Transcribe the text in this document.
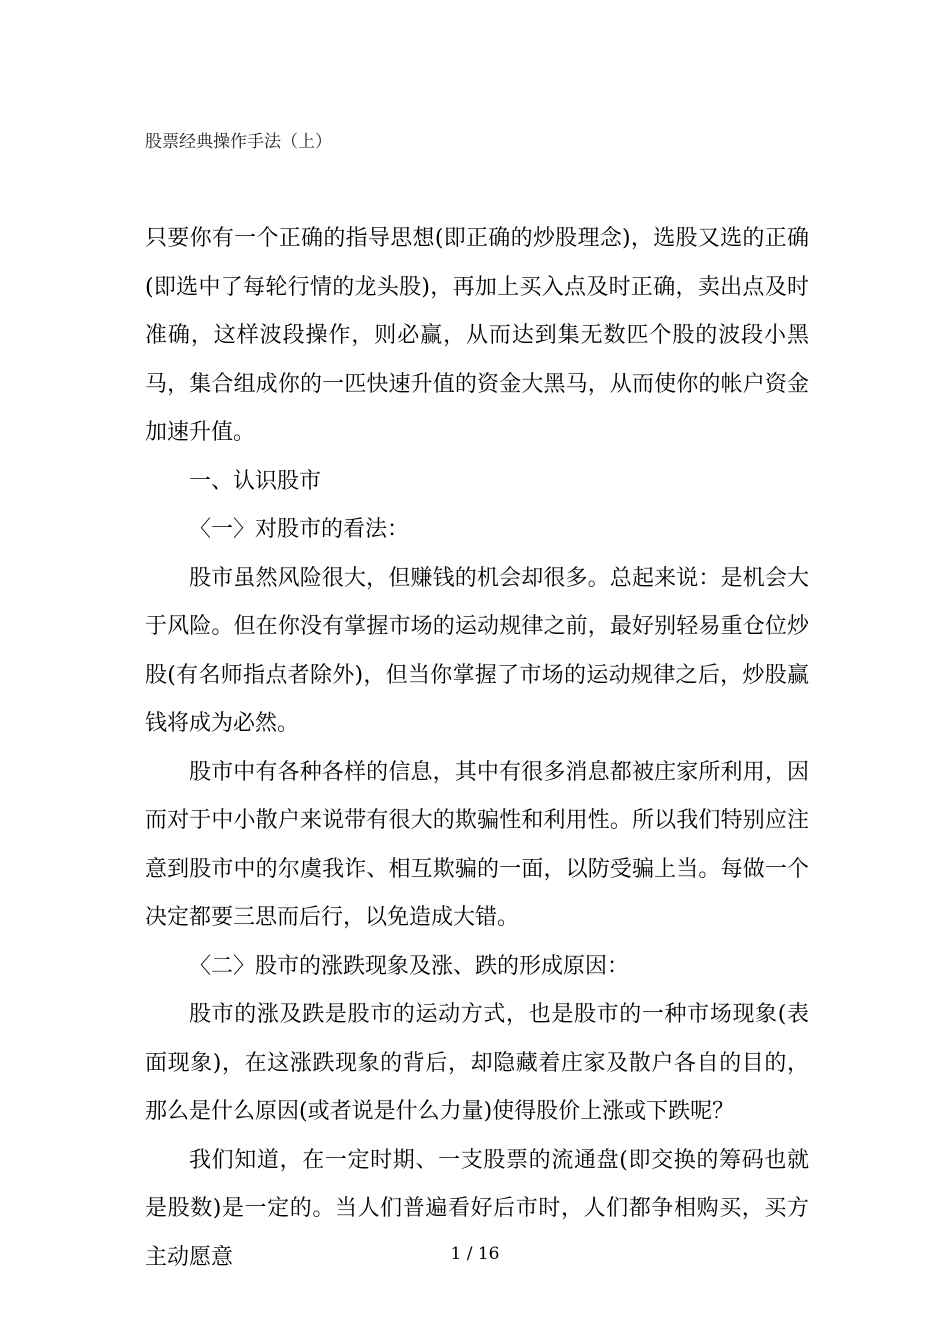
股票经典操作手法（上）

只要你有一个正确的指导思想(即正确的炒股理念)，选股又选的正确(即选中了每轮行情的龙头股)，再加上买入点及时正确，卖出点及时准确，这样波段操作，则必赢，从而达到集无数匹个股的波段小黑马，集合组成你的一匹快速升值的资金大黑马，从而使你的帐户资金加速升值。

一、认识股市

〈一〉对股市的看法：

股市虽然风险很大，但赚钱的机会却很多。总起来说：是机会大于风险。但在你没有掌握市场的运动规律之前，最好别轻易重仓位炒股(有名师指点者除外)，但当你掌握了市场的运动规律之后，炒股赢钱将成为必然。

股市中有各种各样的信息，其中有很多消息都被庄家所利用，因而对于中小散户来说带有很大的欺骗性和利用性。所以我们特别应注意到股市中的尔虞我诈、相互欺骗的一面，以防受骗上当。每做一个决定都要三思而后行，以免造成大错。

〈二〉股市的涨跌现象及涨、跌的形成原因：

股市的涨及跌是股市的运动方式，也是股市的一种市场现象(表面现象)，在这涨跌现象的背后，却隐藏着庄家及散户各自的目的，那么是什么原因(或者说是什么力量)使得股价上涨或下跌呢？

我们知道，在一定时期、一支股票的流通盘(即交换的筹码也就是股数)是一定的。当人们普遍看好后市时，人们都争相购买，买方主动愿意	1 / 16
